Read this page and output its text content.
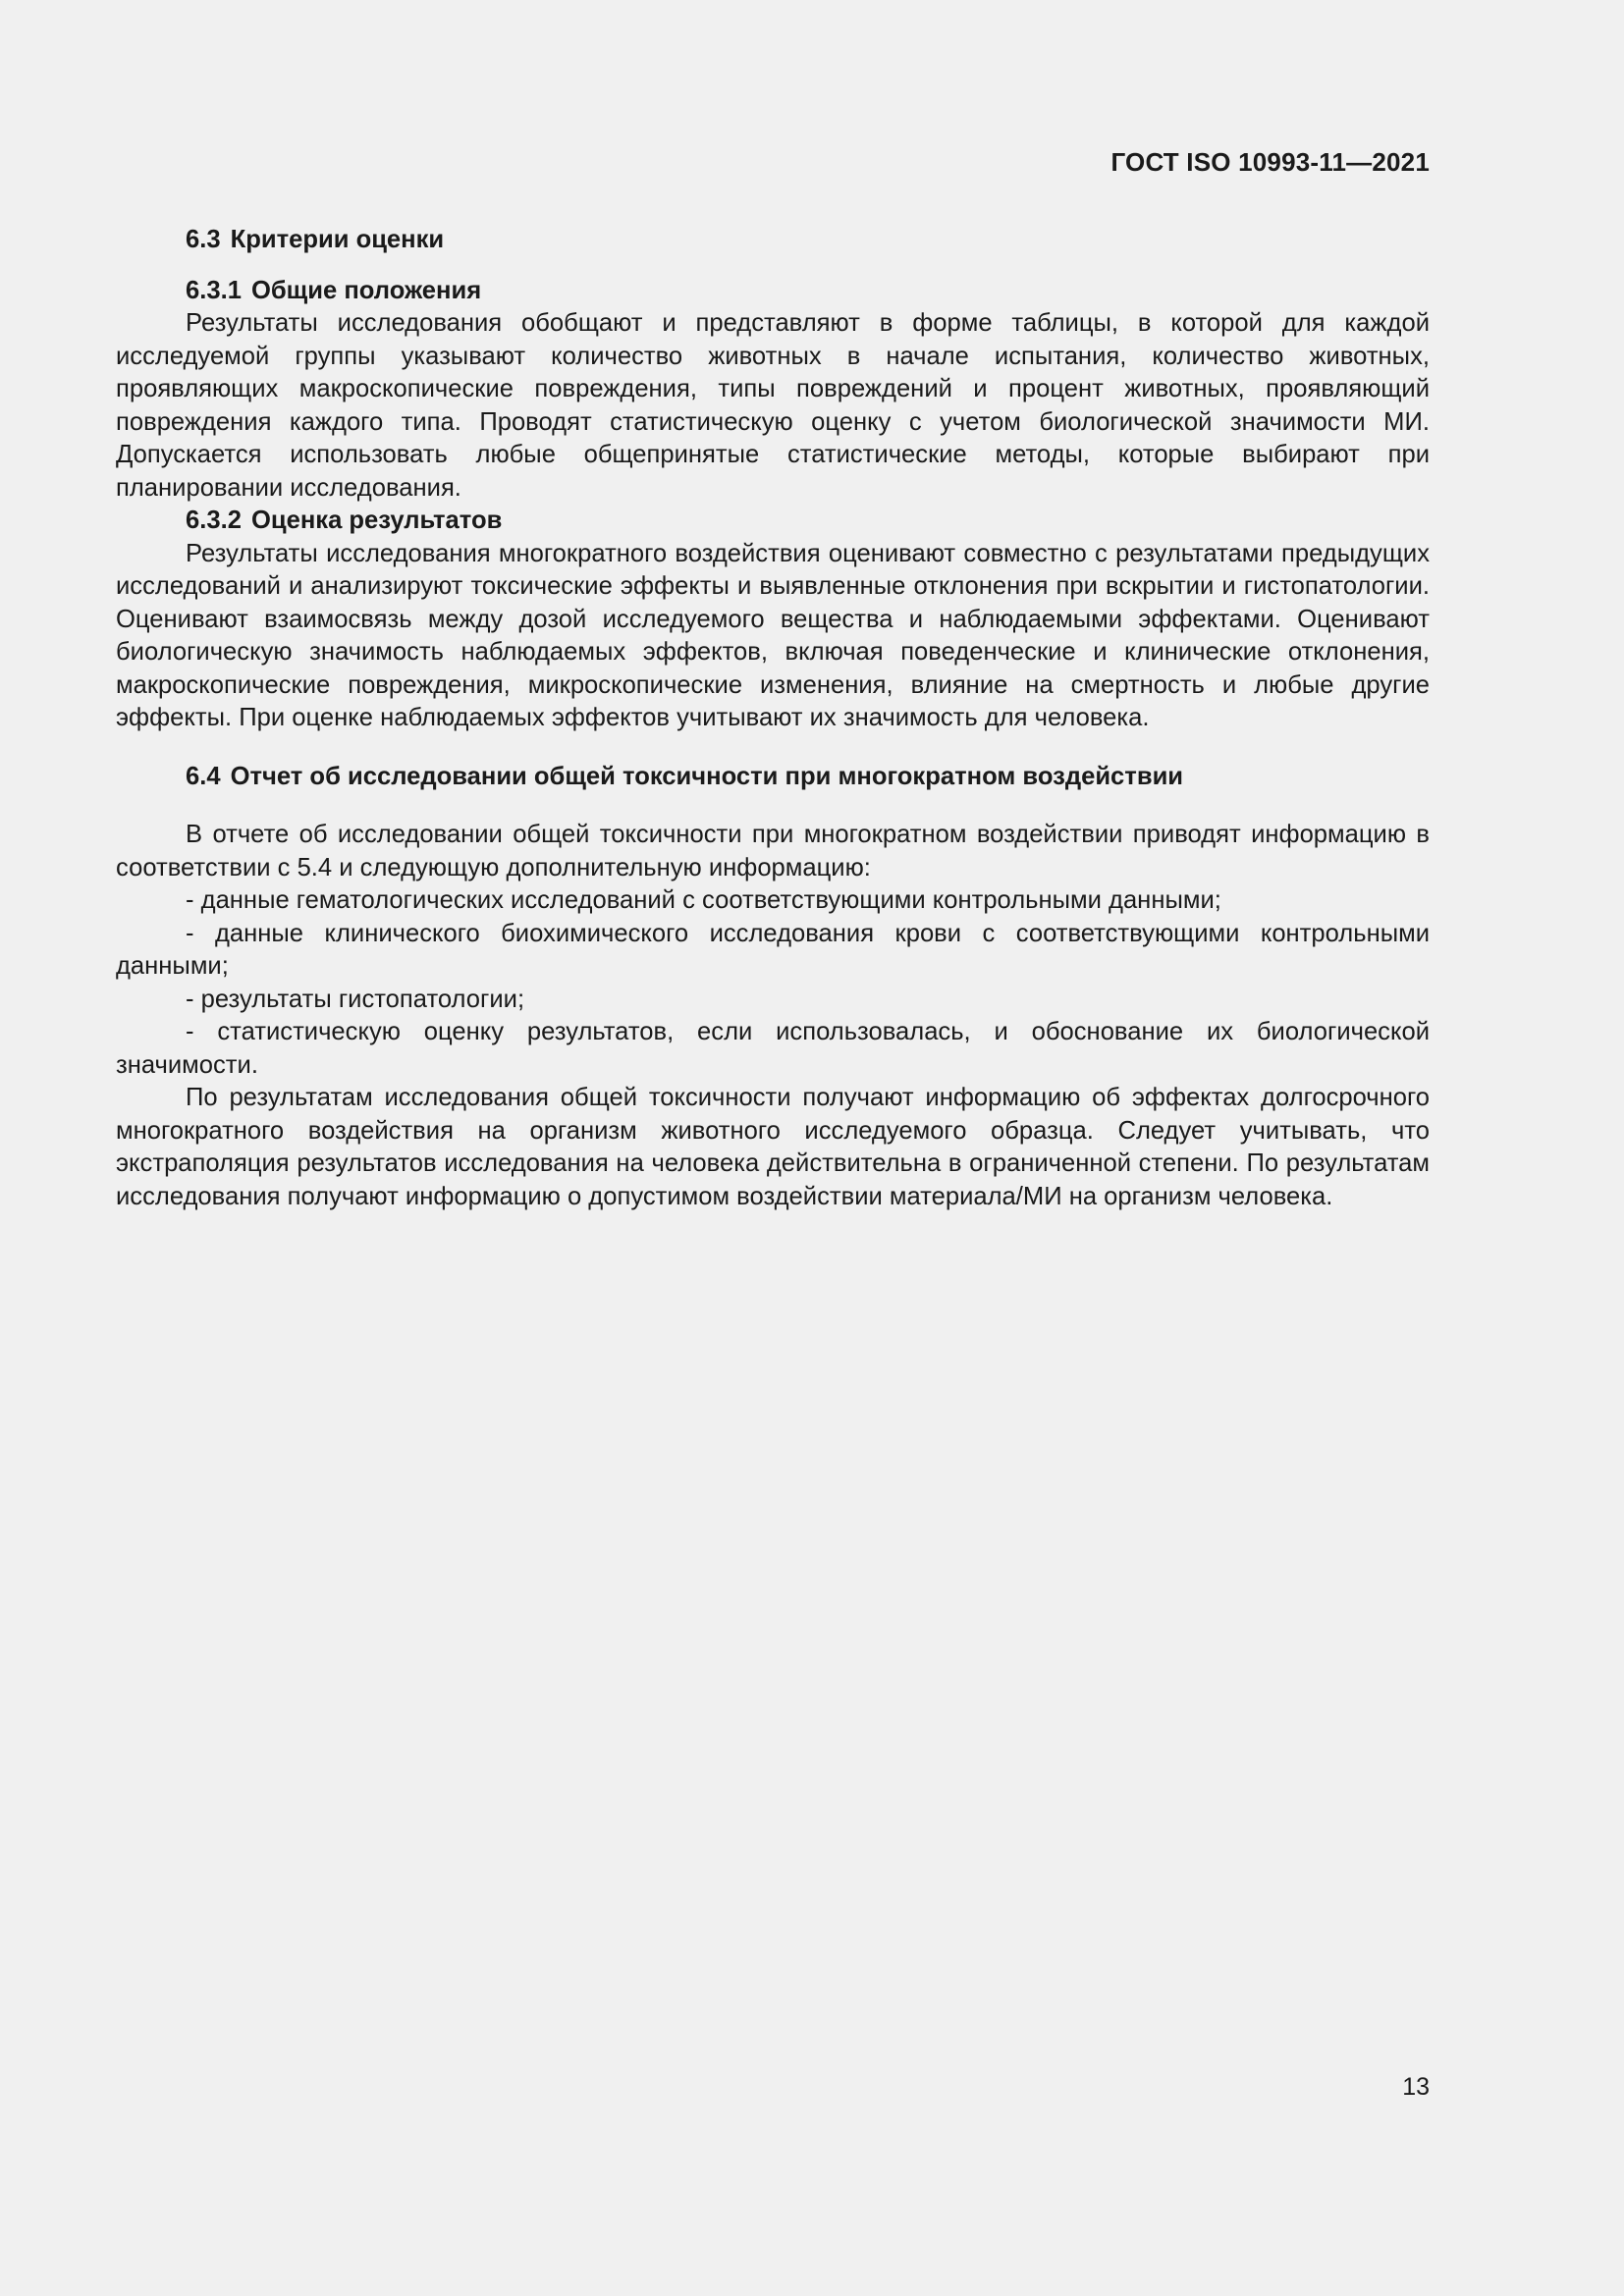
ГОСТ ISO 10993-11—2021
6.3 Критерии оценки
6.3.1 Общие положения

Результаты исследования обобщают и представляют в форме таблицы, в которой для каждой исследуемой группы указывают количество животных в начале испытания, количество животных, проявляющих макроскопические повреждения, типы повреждений и процент животных, проявляющий повреждения каждого типа. Проводят статистическую оценку с учетом биологической значимости МИ. Допускается использовать любые общепринятые статистические методы, которые выбирают при планировании исследования.

6.3.2 Оценка результатов

Результаты исследования многократного воздействия оценивают совместно с результатами предыдущих исследований и анализируют токсические эффекты и выявленные отклонения при вскрытии и гистопатологии. Оценивают взаимосвязь между дозой исследуемого вещества и наблюдаемыми эффектами. Оценивают биологическую значимость наблюдаемых эффектов, включая поведенческие и клинические отклонения, макроскопические повреждения, микроскопические изменения, влияние на смертность и любые другие эффекты. При оценке наблюдаемых эффектов учитывают их значимость для человека.

6.4 Отчет об исследовании общей токсичности при многократном воздействии

В отчете об исследовании общей токсичности при многократном воздействии приводят информацию в соответствии с 5.4 и следующую дополнительную информацию:

- данные гематологических исследований с соответствующими контрольными данными;

- данные клинического биохимического исследования крови с соответствующими контрольными данными;

- результаты гистопатологии;

- статистическую оценку результатов, если использовалась, и обоснование их биологической значимости.

По результатам исследования общей токсичности получают информацию об эффектах долгосрочного многократного воздействия на организм животного исследуемого образца. Следует учитывать, что экстраполяция результатов исследования на человека действительна в ограниченной степени. По результатам исследования получают информацию о допустимом воздействии материала/МИ на организм человека.

13
